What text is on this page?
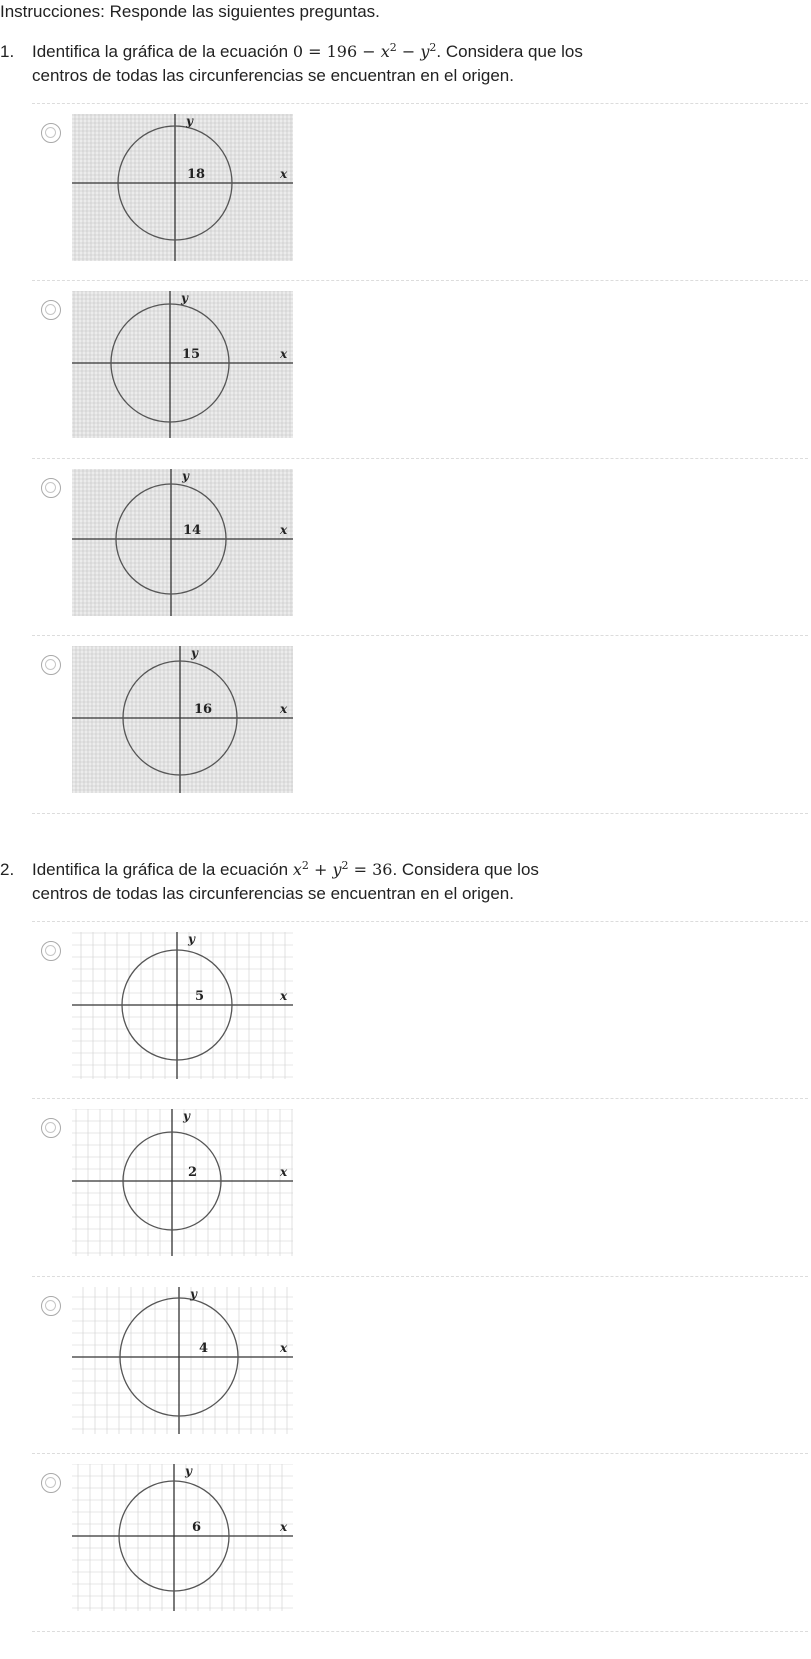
Instrucciones: Responde las siguientes preguntas.
1. Identifica la gráfica de la ecuación $0 = 196 - x^2 - y^2$. Considera que los centros de todas las circunferencias se encuentran en el origen.
18
y
x
15
y
x
14
y
x
16
y
x
2. Identifica la gráfica de la ecuación $x^2 + y^2 = 36$. Considera que los centros de todas las circunferencias se encuentran en el origen.
5
y
x
2
y
x
4
y
x
6
y
x
